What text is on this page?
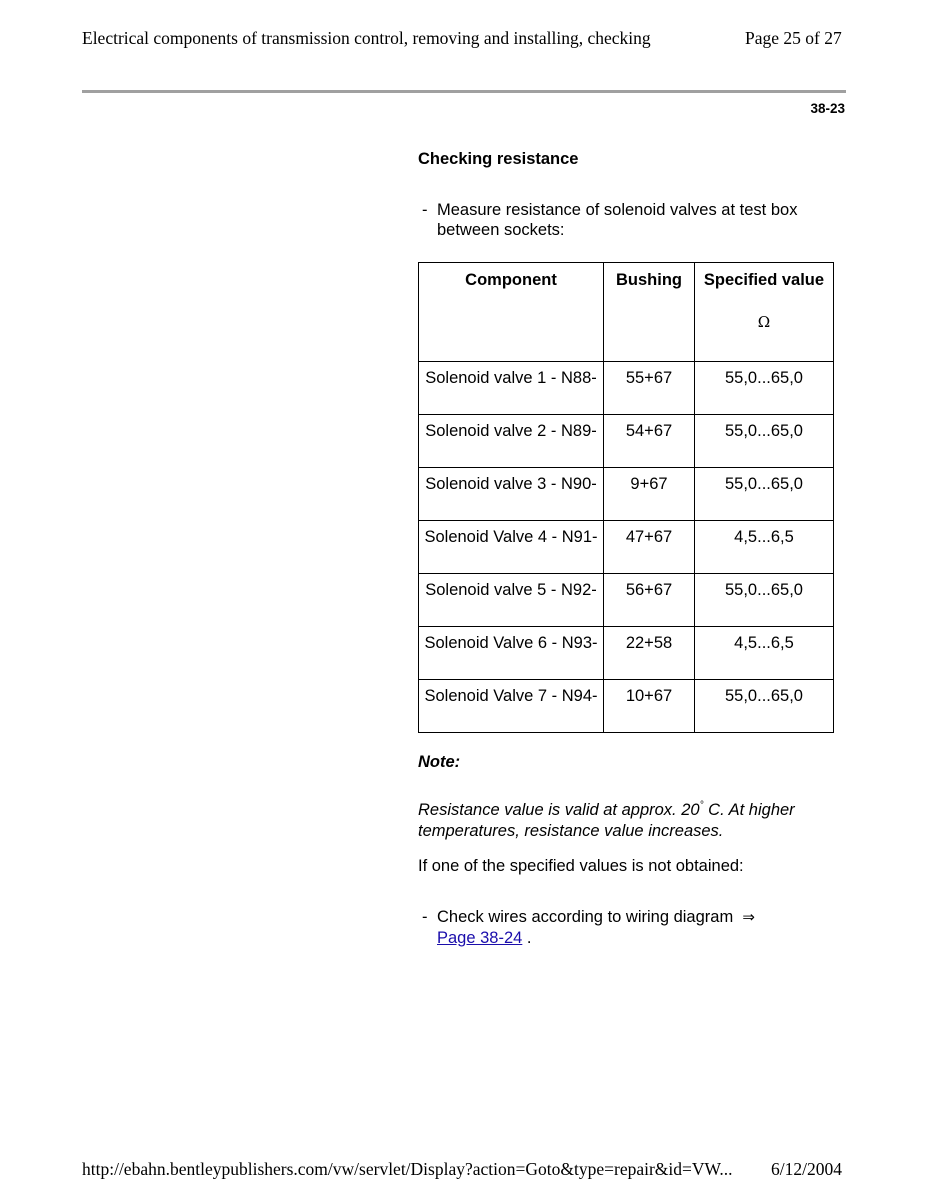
Electrical components of transmission control, removing and installing, checking	Page 25 of 27
38-23
Checking resistance
- Measure resistance of solenoid valves at test box between sockets:
Component	Bushing	Specified value
Ω

Solenoid valve 1 - N88-	55+67	55,0...65,0
Solenoid valve 2 - N89-	54+67	55,0...65,0
Solenoid valve 3 - N90-	9+67	55,0...65,0
Solenoid Valve 4 - N91-	47+67	4,5...6,5
Solenoid valve 5 - N92-	56+67	55,0...65,0
Solenoid Valve 6 - N93-	22+58	4,5...6,5
Solenoid Valve 7 - N94-	10+67	55,0...65,0
Note:
Resistance value is valid at approx. 20° C. At higher temperatures, resistance value increases.
If one of the specified values is not obtained:
- Check wires according to wiring diagram ⇒
Page 38-24 .
http://ebahn.bentleypublishers.com/vw/servlet/Display?action=Goto&type=repair&id=VW... 6/12/2004
